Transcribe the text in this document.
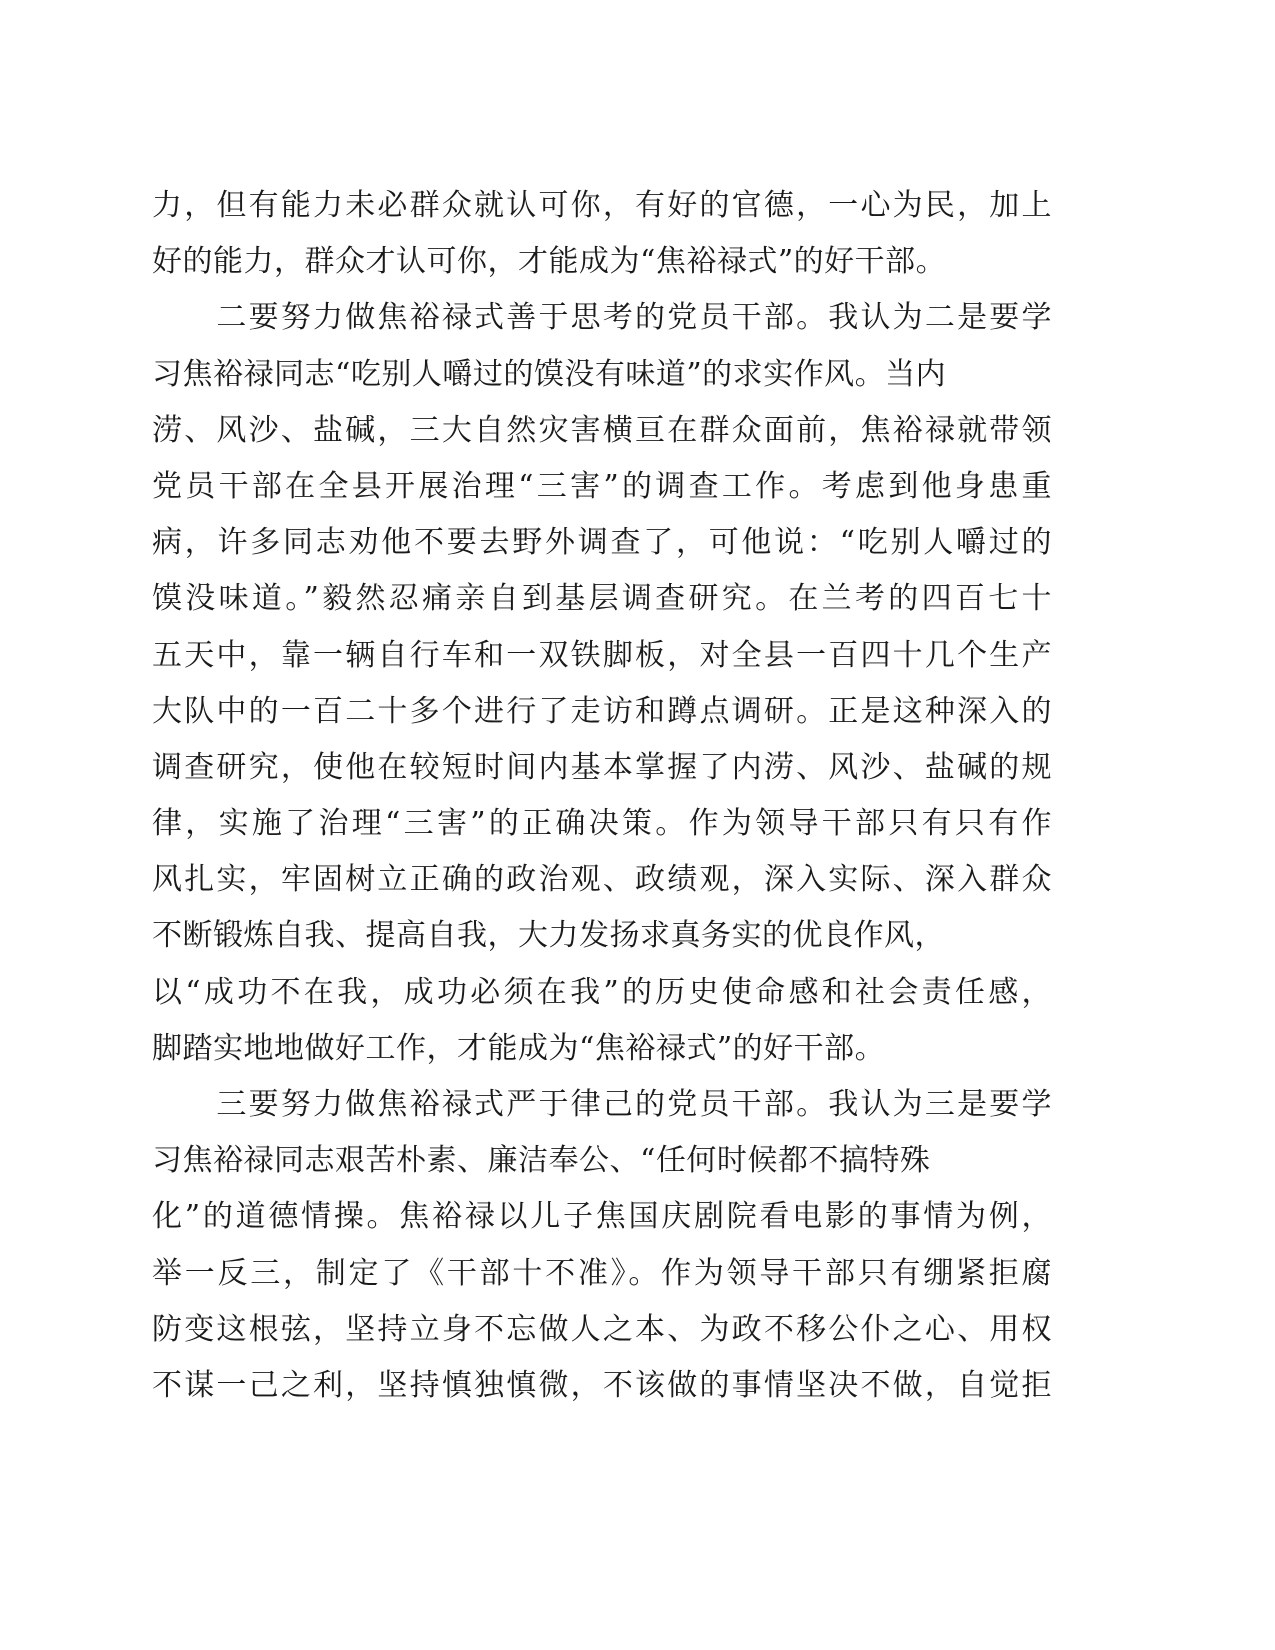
力，但有能力未必群众就认可你，有好的官德，一心为民，加上
好的能力，群众才认可你，才能成为“焦裕禄式”的好干部。
　　二要努力做焦裕禄式善于思考的党员干部。我认为二是要学
习焦裕禄同志“吃别人嚼过的馍没有味道”的求实作风。当内
涝、风沙、盐碱，三大自然灾害横亘在群众面前，焦裕禄就带领
党员干部在全县开展治理“三害”的调查工作。考虑到他身患重
病，许多同志劝他不要去野外调查了，可他说：“吃别人嚼过的
馍没味道。”毅然忍痛亲自到基层调查研究。在兰考的四百七十
五天中，靠一辆自行车和一双铁脚板，对全县一百四十几个生产
大队中的一百二十多个进行了走访和蹲点调研。正是这种深入的
调查研究，使他在较短时间内基本掌握了内涝、风沙、盐碱的规
律，实施了治理“三害”的正确决策。作为领导干部只有只有作
风扎实，牢固树立正确的政治观、政绩观，深入实际、深入群众
不断锻炼自我、提高自我，大力发扬求真务实的优良作风，
以“成功不在我，成功必须在我”的历史使命感和社会责任感，
脚踏实地地做好工作，才能成为“焦裕禄式”的好干部。
　　三要努力做焦裕禄式严于律己的党员干部。我认为三是要学
习焦裕禄同志艰苦朴素、廉洁奉公、“任何时候都不搞特殊
化”的道德情操。焦裕禄以儿子焦国庆剧院看电影的事情为例，
举一反三，制定了《干部十不准》。作为领导干部只有绷紧拒腐
防变这根弦，坚持立身不忘做人之本、为政不移公仆之心、用权
不谋一己之利，坚持慎独慎微，不该做的事情坚决不做，自觉拒
